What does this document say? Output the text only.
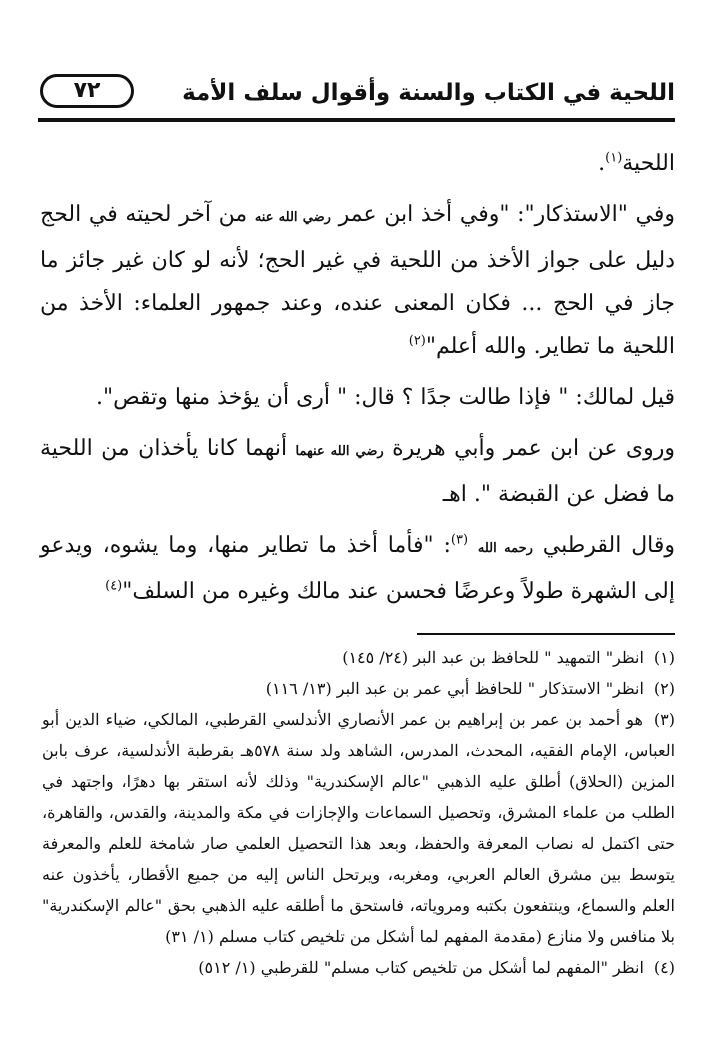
اللحية في الكتاب والسنة وأقوال سلف الأمة
٧٢

اللحية$^{(١)}$.

وفي "الاستذكار": "وفي أخذ ابن عمر رضي الله عنه من آخر لحيته في الحج دليل على جواز الأخذ من اللحية في غير الحج؛ لأنه لو كان غير جائز ما جاز في الحج ... فكان المعنى عنده، وعند جمهور العلماء: الأخذ من اللحية ما تطاير. والله أعلم"$^{(٢)}$

قيل لمالك: " فإذا طالت جدًا ؟ قال: " أرى أن يؤخذ منها وتقص".

وروى عن ابن عمر وأبي هريرة رضي الله عنهما أنهما كانا يأخذان من اللحية ما فضل عن القبضة ". اهـ

وقال القرطبي رحمه الله $^{(٣)}$: "فأما أخذ ما تطاير منها، وما يشوه، ويدعو إلى الشهرة طولاً وعرضًا فحسن عند مالك وغيره من السلف"$^{(٤)}$

(١) انظر" التمهيد " للحافظ بن عبد البر (٢٤/ ١٤٥)

(٢) انظر" الاستذكار " للحافظ أبي عمر بن عبد البر (١٣/ ١١٦)

(٣) هو أحمد بن عمر بن إبراهيم بن عمر الأنصاري الأندلسي القرطبي، المالكي، ضياء الدين أبو العباس، الإمام الفقيه، المحدث، المدرس، الشاهد ولد سنة ٥٧٨هـ بقرطبة الأندلسية، عرف بابن المزين (الحلاق) أطلق عليه الذهبي "عالم الإسكندرية" وذلك لأنه استقر بها دهرًا، واجتهد في الطلب من علماء المشرق، وتحصيل السماعات والإجازات في مكة والمدينة، والقدس، والقاهرة، حتى اكتمل له نصاب المعرفة والحفظ، وبعد هذا التحصيل العلمي صار شامخة للعلم والمعرفة يتوسط بين مشرق العالم العربي، ومغربه، ويرتحل الناس إليه من جميع الأقطار، يأخذون عنه العلم والسماع، وينتفعون بكتبه ومروياته، فاستحق ما أطلقه عليه الذهبي بحق "عالم الإسكندرية" بلا منافس ولا منازع (مقدمة المفهم لما أشكل من تلخيص كتاب مسلم (١/ ٣١)

(٤) انظر "المفهم لما أشكل من تلخيص كتاب مسلم" للقرطبي (١/ ٥١٢)
